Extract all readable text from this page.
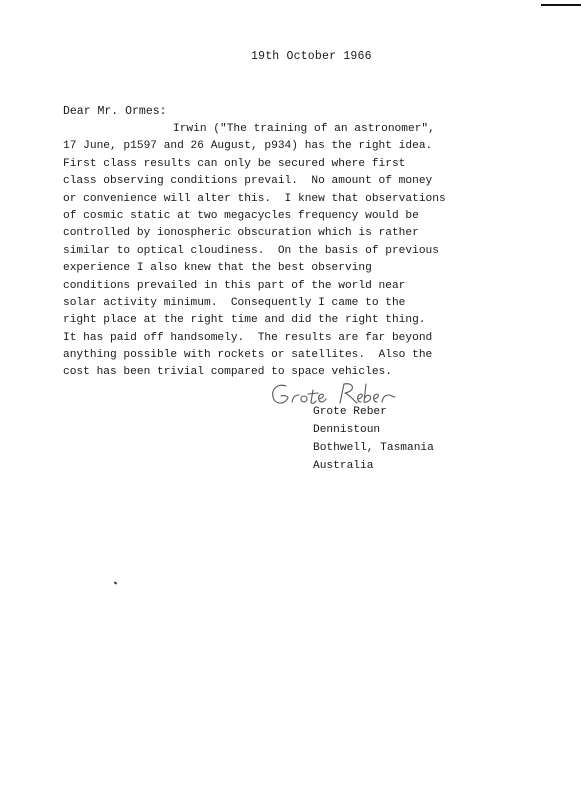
19th October 1966
Dear Mr. Ormes:
Irwin ("The training of an astronomer",
17 June, p1597 and 26 August, p934) has the right idea.
First class results can only be secured where first
class observing conditions prevail.  No amount of money
or convenience will alter this.  I knew that observations
of cosmic static at two megacycles frequency would be
controlled by ionospheric obscuration which is rather
similar to optical cloudiness.  On the basis of previous
experience I also knew that the best observing
conditions prevailed in this part of the world near
solar activity minimum.  Consequently I came to the
right place at the right time and did the right thing.
It has paid off handsomely.  The results are far beyond
anything possible with rockets or satellites.  Also the
cost has been trivial compared to space vehicles.
Grote Reber
Dennistoun
Bothwell, Tasmania
Australia
